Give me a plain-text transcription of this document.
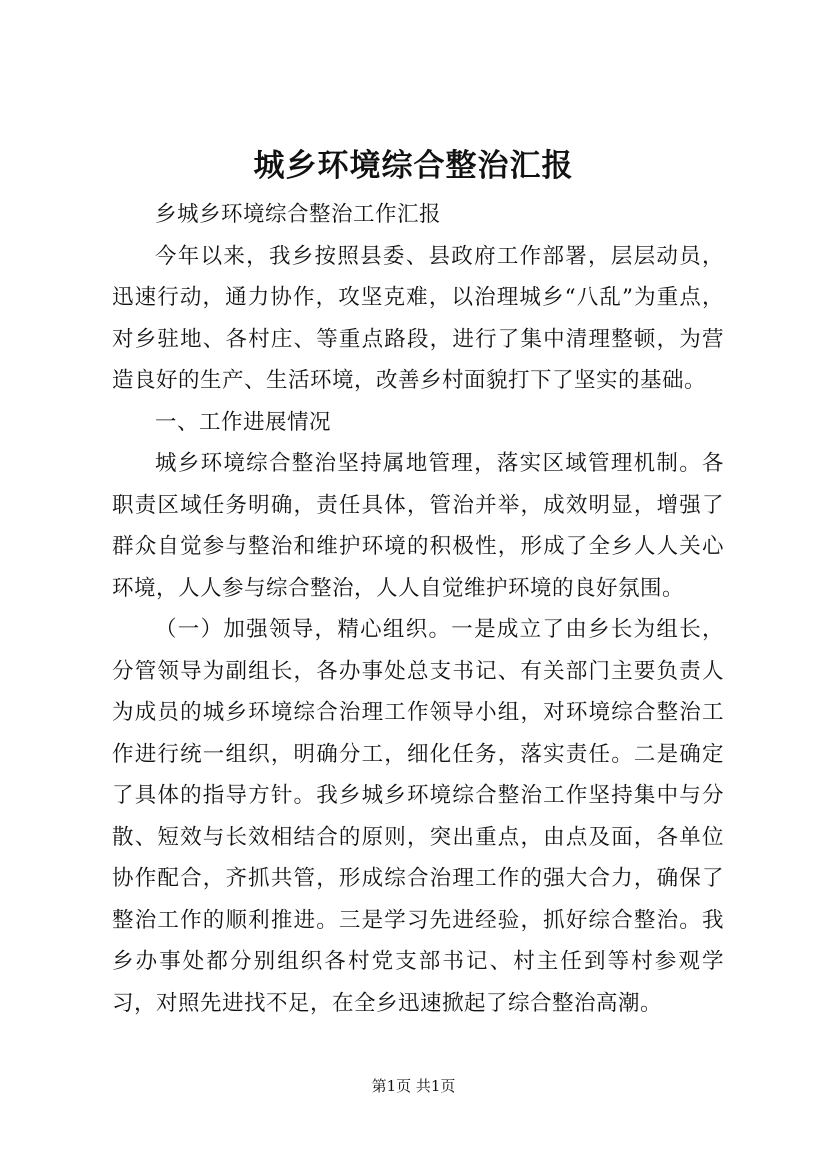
城乡环境综合整治汇报

乡城乡环境综合整治工作汇报

今年以来，我乡按照县委、县政府工作部署，层层动员，迅速行动，通力协作，攻坚克难，以治理城乡“八乱”为重点，对乡驻地、各村庄、等重点路段，进行了集中清理整顿，为营造良好的生产、生活环境，改善乡村面貌打下了坚实的基础。

一、工作进展情况

城乡环境综合整治坚持属地管理，落实区域管理机制。各职责区域任务明确，责任具体，管治并举，成效明显，增强了群众自觉参与整治和维护环境的积极性，形成了全乡人人关心环境，人人参与综合整治，人人自觉维护环境的良好氛围。

（一）加强领导，精心组织。一是成立了由乡长为组长，分管领导为副组长，各办事处总支书记、有关部门主要负责人为成员的城乡环境综合治理工作领导小组，对环境综合整治工作进行统一组织，明确分工，细化任务，落实责任。二是确定了具体的指导方针。我乡城乡环境综合整治工作坚持集中与分散、短效与长效相结合的原则，突出重点，由点及面，各单位协作配合，齐抓共管，形成综合治理工作的强大合力，确保了整治工作的顺利推进。三是学习先进经验，抓好综合整治。我乡办事处都分别组织各村党支部书记、村主任到等村参观学习，对照先进找不足，在全乡迅速掀起了综合整治高潮。

第1页 共1页
